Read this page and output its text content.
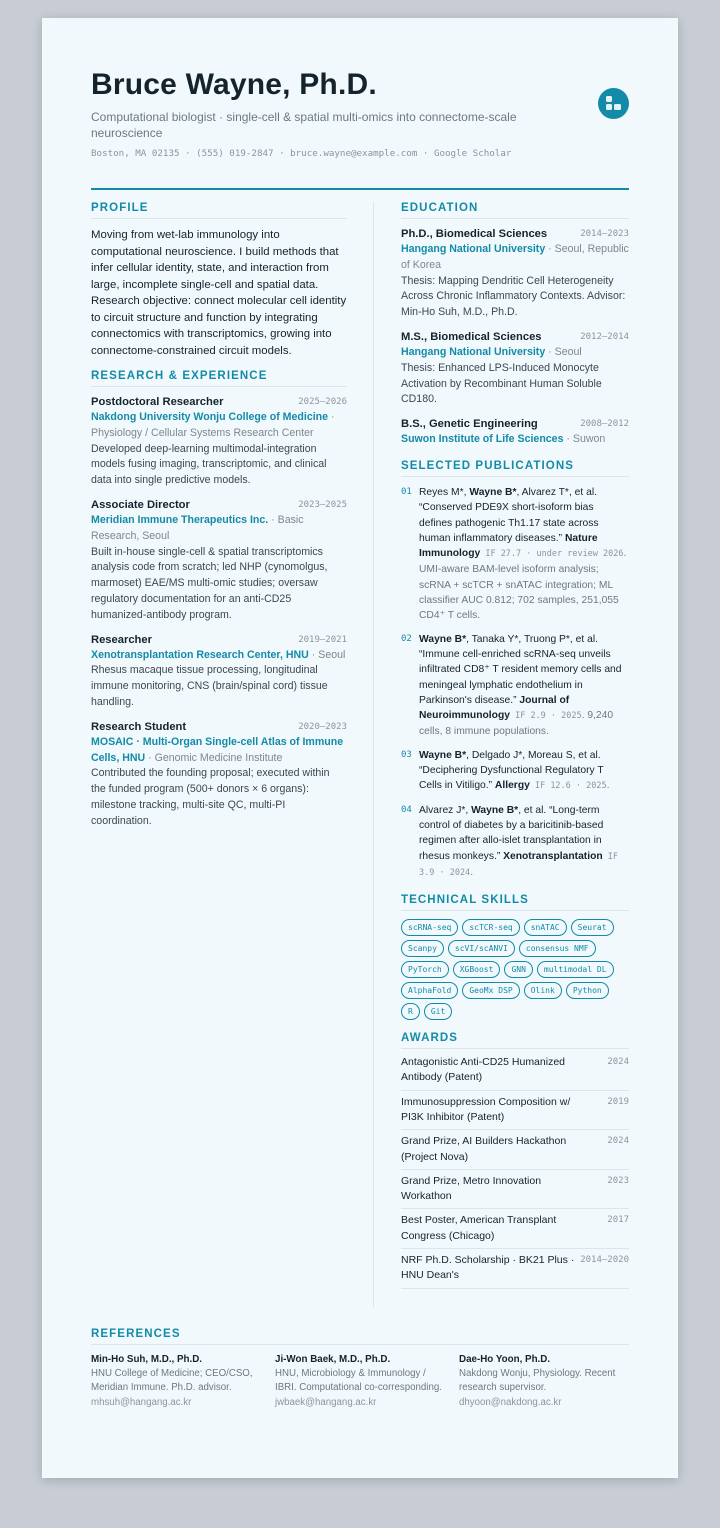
Bruce Wayne, Ph.D.
Computational biologist · single-cell & spatial multi-omics into connectome-scale neuroscience
Boston, MA 02135 · (555) 019-2847 · bruce.wayne@example.com · Google Scholar
PROFILE
Moving from wet-lab immunology into computational neuroscience. I build methods that infer cellular identity, state, and interaction from large, incomplete single-cell and spatial data. Research objective: connect molecular cell identity to circuit structure and function by integrating connectomics with transcriptomics, growing into connectome-constrained circuit models.
RESEARCH & EXPERIENCE
Postdoctoral Researcher	2025–2026
Nakdong University Wonju College of Medicine · Physiology / Cellular Systems Research Center
Developed deep-learning multimodal-integration models fusing imaging, transcriptomic, and clinical data into single predictive models.
Associate Director	2023–2025
Meridian Immune Therapeutics Inc. · Basic Research, Seoul
Built in-house single-cell & spatial transcriptomics analysis code from scratch; led NHP (cynomolgus, marmoset) EAE/MS multi-omic studies; oversaw regulatory documentation for an anti-CD25 humanized-antibody program.
Researcher	2019–2021
Xenotransplantation Research Center, HNU · Seoul
Rhesus macaque tissue processing, longitudinal immune monitoring, CNS (brain/spinal cord) tissue handling.
Research Student	2020–2023
MOSAIC · Multi-Organ Single-cell Atlas of Immune Cells, HNU · Genomic Medicine Institute
Contributed the founding proposal; executed within the funded program (500+ donors × 6 organs): milestone tracking, multi-site QC, multi-PI coordination.
EDUCATION
Ph.D., Biomedical Sciences	2014–2023
Hangang National University · Seoul, Republic of Korea
Thesis: Mapping Dendritic Cell Heterogeneity Across Chronic Inflammatory Contexts. Advisor: Min-Ho Suh, M.D., Ph.D.
M.S., Biomedical Sciences	2012–2014
Hangang National University · Seoul
Thesis: Enhanced LPS-Induced Monocyte Activation by Recombinant Human Soluble CD180.
B.S., Genetic Engineering	2008–2012
Suwon Institute of Life Sciences · Suwon
SELECTED PUBLICATIONS
01 Reyes M*, Wayne B*, Alvarez T*, et al. “Conserved PDE9X short-isoform bias defines pathogenic Th1.17 state across human inflammatory diseases.” Nature Immunology IF 27.7 · under review 2026. UMI-aware BAM-level isoform analysis; scRNA + scTCR + snATAC integration; ML classifier AUC 0.812; 702 samples, 251,055 CD4⁺ T cells.
02 Wayne B*, Tanaka Y*, Truong P*, et al. “Immune cell-enriched scRNA-seq unveils infiltrated CD8⁺ T resident memory cells and meningeal lymphatic endothelium in Parkinson's disease.” Journal of Neuroimmunology IF 2.9 · 2025. 9,240 cells, 8 immune populations.
03 Wayne B*, Delgado J*, Moreau S, et al. “Deciphering Dysfunctional Regulatory T Cells in Vitiligo.” Allergy IF 12.6 · 2025.
04 Alvarez J*, Wayne B*, et al. “Long-term control of diabetes by a baricitinib-based regimen after allo-islet transplantation in rhesus monkeys.” Xenotransplantation IF 3.9 · 2024.
TECHNICAL SKILLS
scRNA-seq	scTCR-seq	snATAC	Seurat
Scanpy	scVI/scANVI	consensus NMF
PyTorch	XGBoost	GNN	multimodal DL
AlphaFold	GeoMx DSP	Olink	Python
R	Git
AWARDS
Antagonistic Anti-CD25 Humanized Antibody (Patent)
2024
Immunosuppression Composition w/ PI3K Inhibitor (Patent)
2019
Grand Prize, AI Builders Hackathon (Project Nova)
2024
Grand Prize, Metro Innovation Workathon
2023
Best Poster, American Transplant Congress (Chicago)
2017
NRF Ph.D. Scholarship · BK21 Plus · HNU Dean's
2014–2020
REFERENCES
Min-Ho Suh, M.D., Ph.D.
HNU College of Medicine; CEO/CSO, Meridian Immune. Ph.D. advisor.
mhsuh@hangang.ac.kr
Ji-Won Baek, M.D., Ph.D.
HNU, Microbiology & Immunology / IBRI. Computational co-corresponding.
jwbaek@hangang.ac.kr
Dae-Ho Yoon, Ph.D.
Nakdong Wonju, Physiology. Recent research supervisor.
dhyoon@nakdong.ac.kr
